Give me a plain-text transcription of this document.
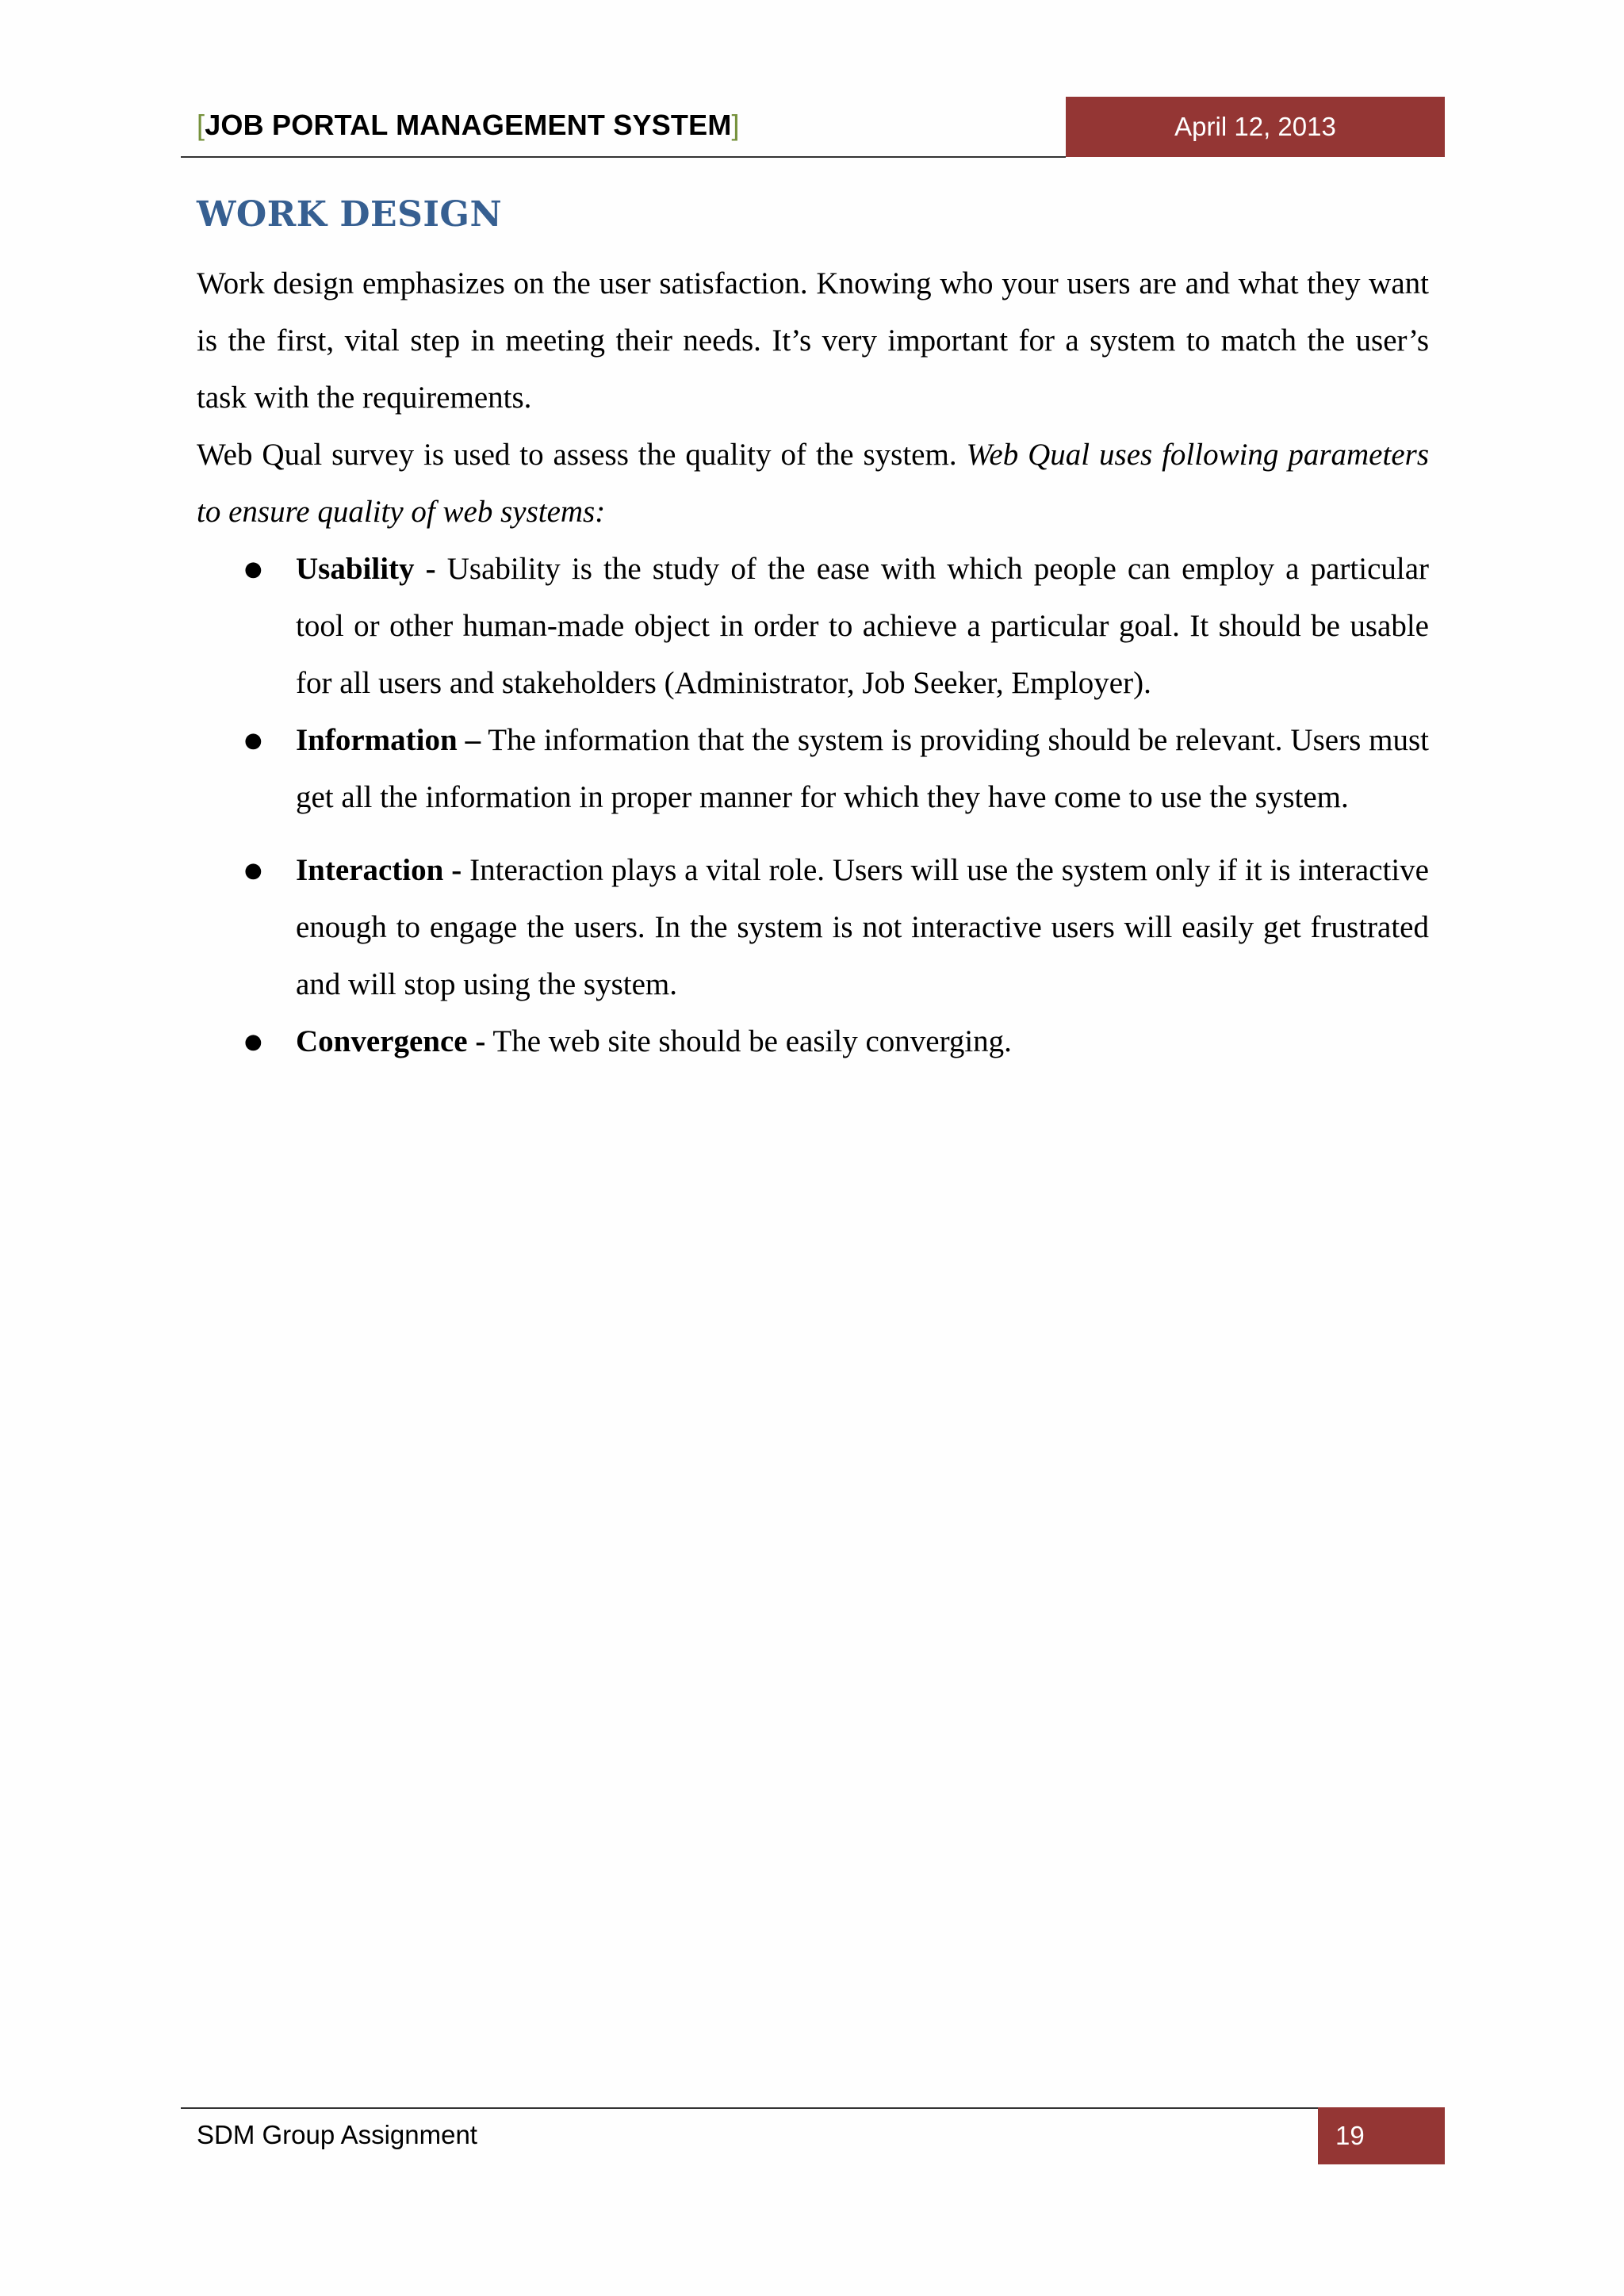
[JOB PORTAL MANAGEMENT SYSTEM]	April 12, 2013
WORK DESIGN

Work design emphasizes on the user satisfaction. Knowing who your users are and what they want is the first, vital step in meeting their needs. It’s very important for a system to match the user’s task with the requirements.

Web Qual survey is used to assess the quality of the system. Web Qual uses following parameters to ensure quality of web systems:

● Usability - Usability is the study of the ease with which people can employ a particular tool or other human-made object in order to achieve a particular goal. It should be usable for all users and stakeholders (Administrator, Job Seeker, Employer).
● Information – The information that the system is providing should be relevant. Users must get all the information in proper manner for which they have come to use the system.
● Interaction - Interaction plays a vital role. Users will use the system only if it is interactive enough to engage the users. In the system is not interactive users will easily get frustrated and will stop using the system.
● Convergence - The web site should be easily converging.
SDM Group Assignment	19
